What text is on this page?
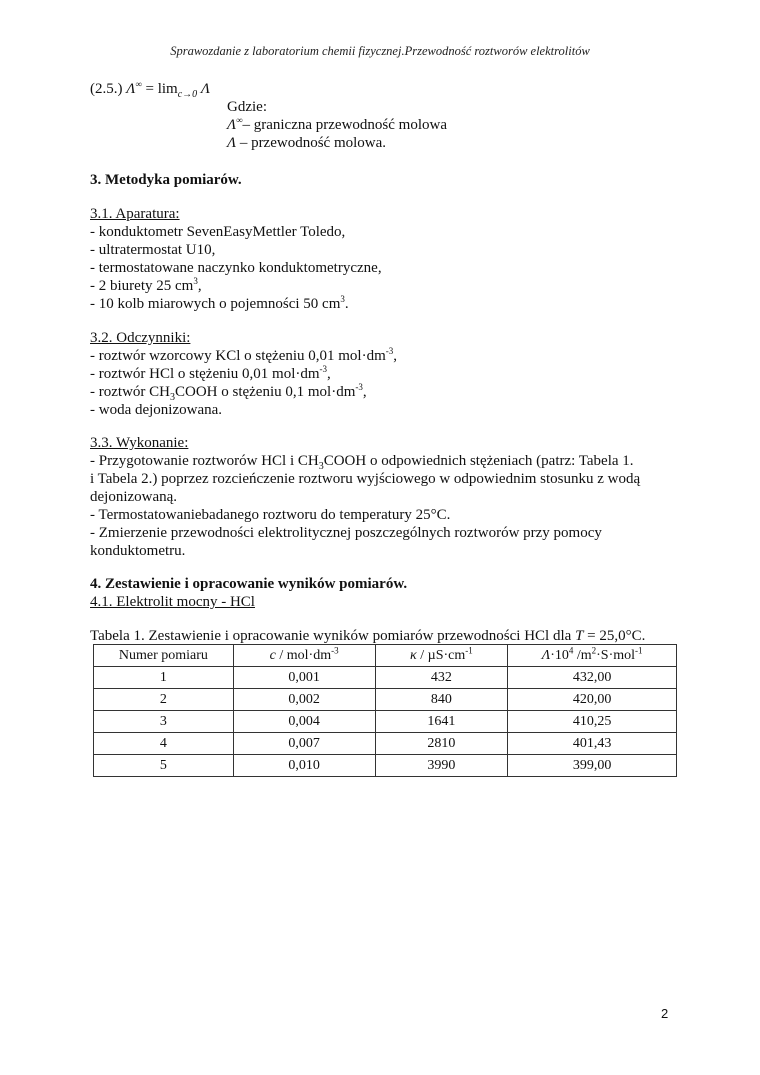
Sprawozdanie z laboratorium chemii fizycznej.Przewodność roztworów elektrolitów
(2.5.) $\Lambda^\infty = \lim_{c\to 0} \Lambda$
Gdzie:
Λ∞– graniczna przewodność molowa
Λ – przewodność molowa.
3. Metodyka pomiarów.
3.1. Aparatura:
- konduktometr SevenEasyMettler Toledo,
- ultratermostat U10,
- termostatowane naczynko konduktometryczne,
- 2 biurety 25 $cm^3$,
- 10 kolb miarowych o pojemności 50 $cm^3$.
3.2. Odczynniki:
- roztwór wzorcowy KCl o stężeniu 0,01 $mol\cdot dm^{-3}$,
- roztwór HCl o stężeniu 0,01 $mol\cdot dm^{-3}$,
- roztwór $CH_3COOH$ o stężeniu 0,1 $mol\cdot dm^{-3}$,
- woda dejonizowana.
3.3. Wykonanie:
- Przygotowanie roztworów HCl i $CH_3COOH$ o odpowiednich stężeniach (patrz: Tabela 1.
i Tabela 2.) poprzez rozcieńczenie roztworu wyjściowego w odpowiednim stosunku z wodą
dejonizowaną.
- Termostatowaniebadanego roztworu do temperatury 25°C.
- Zmierzenie przewodności elektrolitycznej poszczególnych roztworów przy pomocy
konduktometru.
4. Zestawienie i opracowanie wyników pomiarów.
4.1. Elektrolit mocny - HCl
Tabela 1. Zestawienie i opracowanie wyników pomiarów przewodności HCl dla T = 25,0°C.
Numer pomiaru	$c / mol\cdot dm^{-3}$	$\kappa / \mu S\cdot cm^{-1}$	$\Lambda\cdot 10^4$ $/m^2\cdot S\cdot mol^{-1}$
1	0,001	432	432,00
2	0,002	840	420,00
3	0,004	1641	410,25
4	0,007	2810	401,43
5	0,010	3990	399,00
2
